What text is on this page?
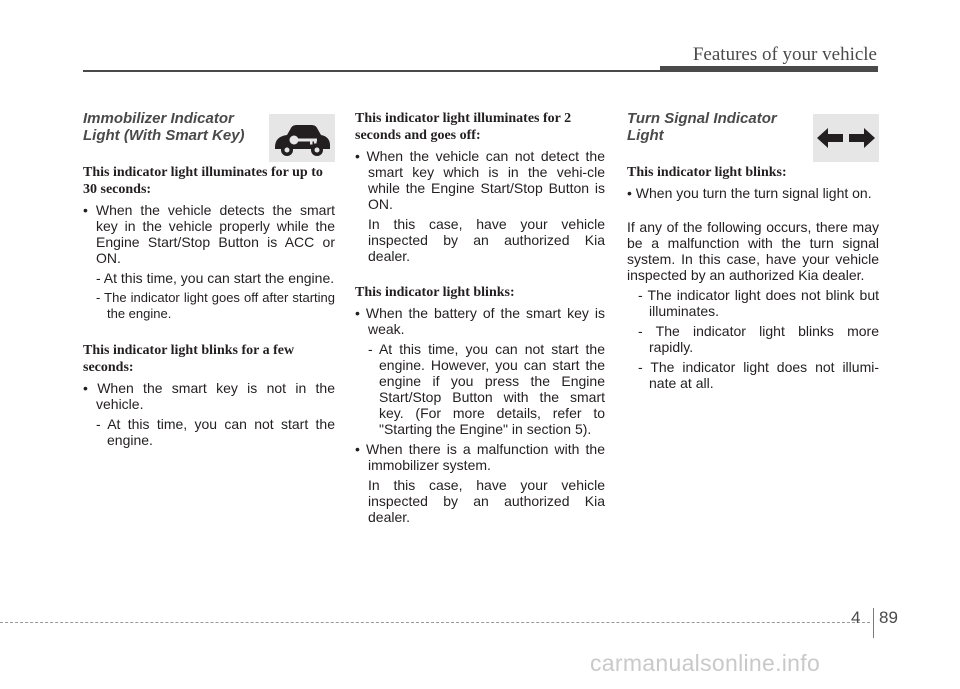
Features of your vehicle
Immobilizer Indicator
Light (With Smart Key)
This indicator light illuminates for up to 30 seconds:
• When the vehicle detects the smart key in the vehicle properly while the Engine Start/Stop Button is ACC or ON.
- At this time, you can start the engine.
- The indicator light goes off after starting the engine.
This indicator light blinks for a few seconds:
• When the smart key is not in the vehicle.
- At this time, you can not start the engine.
This indicator light illuminates for 2 seconds and goes off:
• When the vehicle can not detect the smart key which is in the vehi-cle while the Engine Start/Stop Button is ON.
In this case, have your vehicle inspected by an authorized Kia dealer.
This indicator light blinks:
• When the battery of the smart key is weak.
- At this time, you can not start the engine. However, you can start the engine if you press the Engine Start/Stop Button with the smart key. (For more details, refer to "Starting the Engine" in section 5).
• When there is a malfunction with the immobilizer system.
In this case, have your vehicle inspected by an authorized Kia dealer.
Turn Signal Indicator
Light
This indicator light blinks:
• When you turn the turn signal light on.
If any of the following occurs, there may be a malfunction with the turn signal system. In this case, have your vehicle inspected by an authorized Kia dealer.
- The indicator light does not blink but illuminates.
- The indicator light blinks more rapidly.
- The indicator light does not illumi-nate at all.
4 89
carmanualsonline.info
